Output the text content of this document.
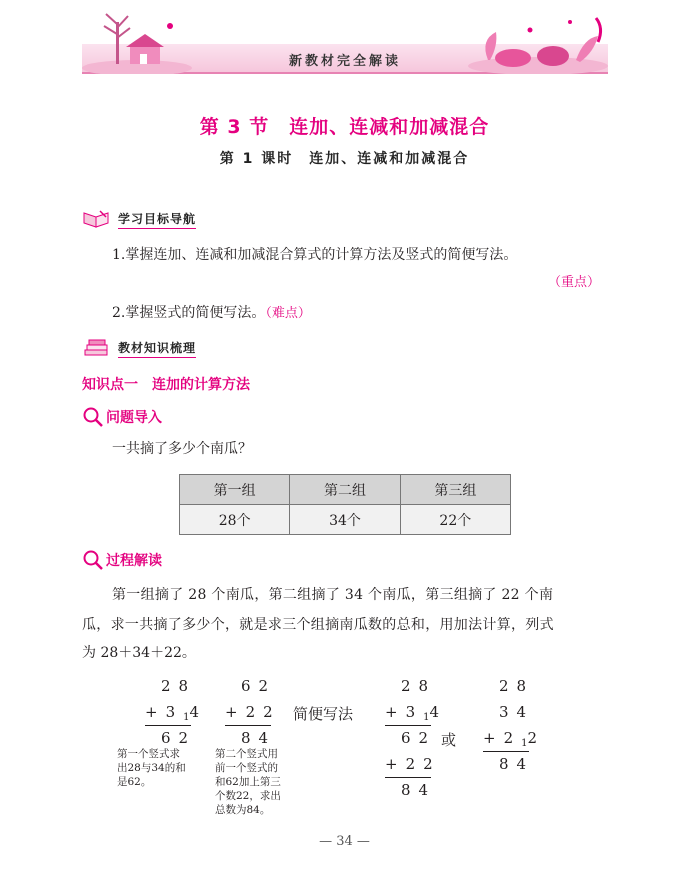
新教材完全解读
第 3 节　连加、连减和加减混合
第 1 课时　连加、连减和加减混合
学习目标导航
1.掌握连加、连减和加减混合算式的计算方法及竖式的简便写法。
（重点）
2.掌握竖式的简便写法。（难点）
教材知识梳理
知识点一　连加的计算方法
问题导入
一共摘了多少个南瓜？
第一组	第二组	第三组
28个	34个	22个
过程解读
第一组摘了 28 个南瓜，第二组摘了 34 个南瓜，第三组摘了 22 个南
瓜，求一共摘了多少个，就是求三个组摘南瓜数的总和，用加法计算，列式
为 28＋34＋22。
28
$+3_14$
62
62
+22
84
简便写法
28
$+3_14$
62
+22
84
或
28
34
$+2_12$
84
第一个竖式求
出28与34的和
是62。
第二个竖式用
前一个竖式的
和62加上第三
个数22，求出
总数为84。
— 34 —
